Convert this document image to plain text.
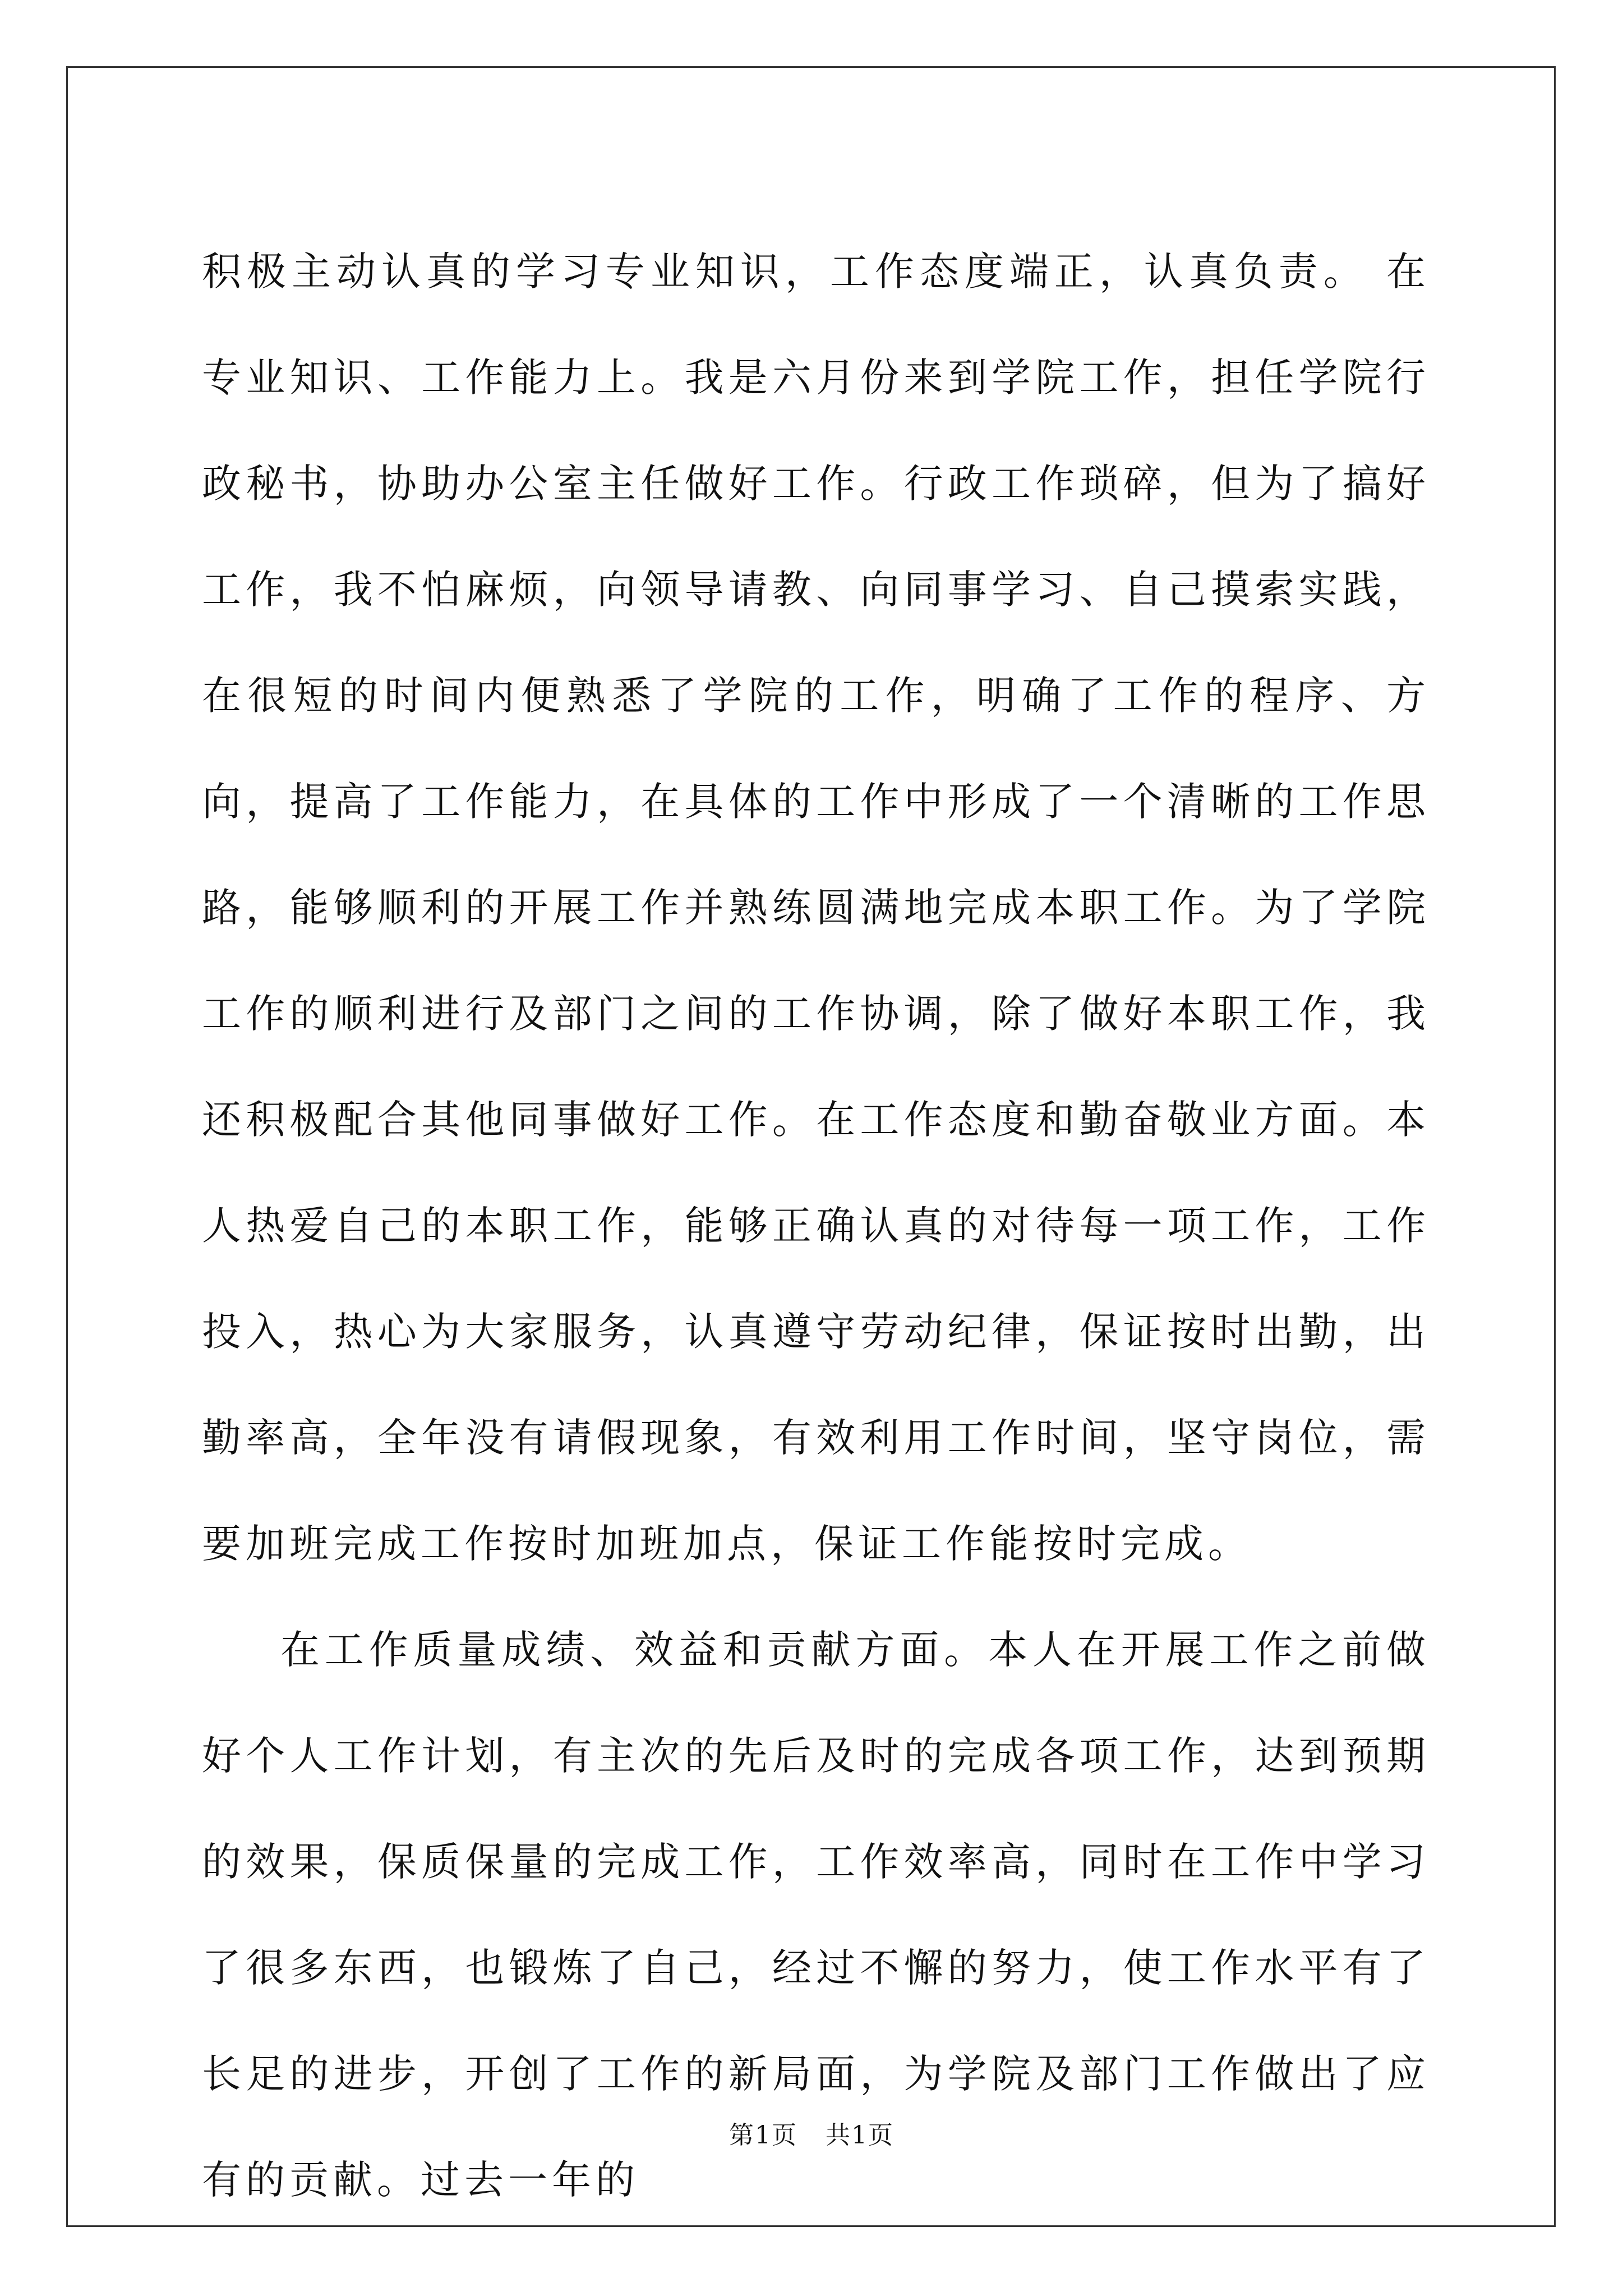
积极主动认真的学习专业知识，工作态度端正，认真负责。 在专业知识、工作能力上。我是六月份来到学院工作，担任学院行政秘书，协助办公室主任做好工作。行政工作琐碎，但为了搞好工作，我不怕麻烦，向领导请教、向同事学习、自己摸索实践，在很短的时间内便熟悉了学院的工作，明确了工作的程序、方向，提高了工作能力，在具体的工作中形成了一个清晰的工作思路，能够顺利的开展工作并熟练圆满地完成本职工作。为了学院工作的顺利进行及部门之间的工作协调，除了做好本职工作，我还积极配合其他同事做好工作。在工作态度和勤奋敬业方面。本人热爱自己的本职工作，能够正确认真的对待每一项工作，工作投入，热心为大家服务，认真遵守劳动纪律，保证按时出勤，出勤率高，全年没有请假现象，有效利用工作时间，坚守岗位，需要加班完成工作按时加班加点，保证工作能按时完成。

在工作质量成绩、效益和贡献方面。本人在开展工作之前做好个人工作计划，有主次的先后及时的完成各项工作，达到预期的效果，保质保量的完成工作，工作效率高，同时在工作中学习了很多东西，也锻炼了自己，经过不懈的努力，使工作水平有了长足的进步，开创了工作的新局面，为学院及部门工作做出了应有的贡献。过去一年的

第1页 共1页
